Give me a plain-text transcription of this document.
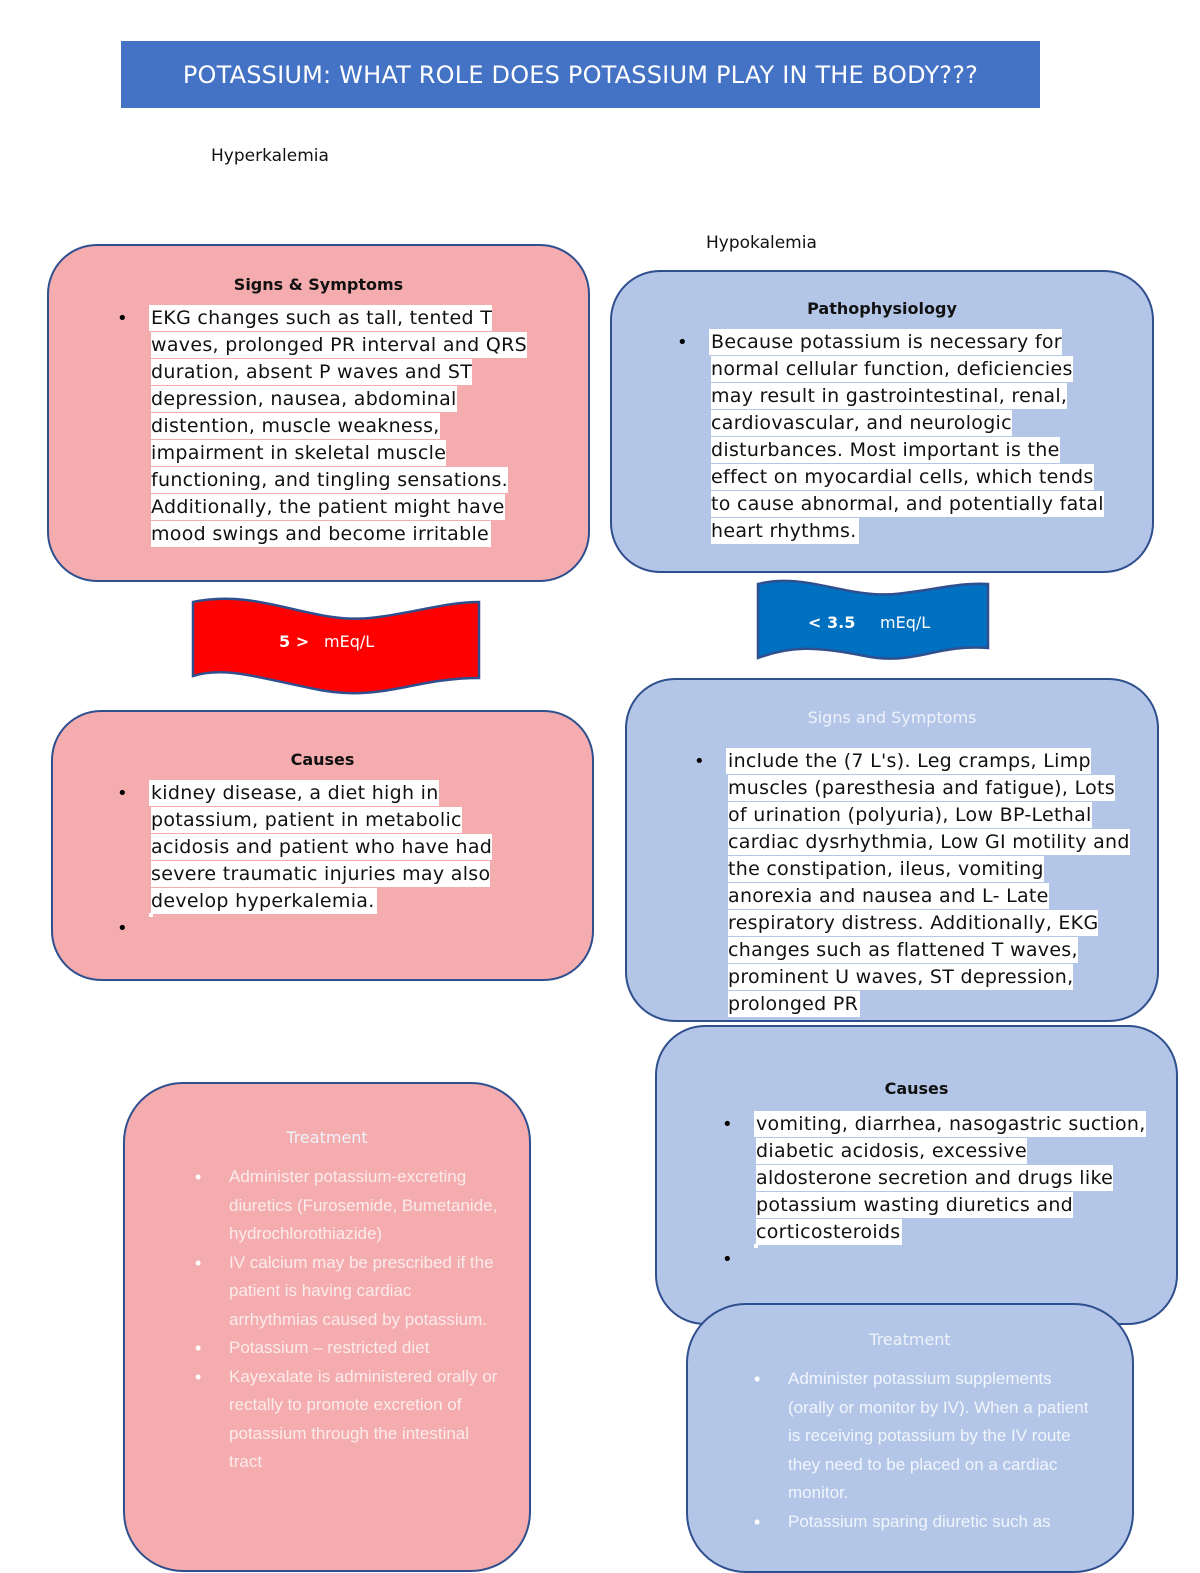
POTASSIUM: WHAT ROLE DOES POTASSIUM PLAY IN THE BODY???
Hyperkalemia
Hypokalemia
Signs & Symptoms
• EKG changes such as tall, tented T waves, prolonged PR interval and QRS duration, absent P waves and ST depression, nausea, abdominal distention, muscle weakness, impairment in skeletal muscle functioning, and tingling sensations. Additionally, the patient might have mood swings and become irritable
5 > mEq/L
Causes
• kidney disease, a diet high in potassium, patient in metabolic acidosis and patient who have had severe traumatic injuries may also develop hyperkalemia.
Treatment
• Administer potassium-excreting diuretics (Furosemide, Bumetanide, hydrochlorothiazide)
• IV calcium may be prescribed if the patient is having cardiac arrhythmias caused by potassium.
• Potassium – restricted diet
• Kayexalate is administered orally or rectally to promote excretion of potassium through the intestinal tract
Pathophysiology
• Because potassium is necessary for normal cellular function, deficiencies may result in gastrointestinal, renal, cardiovascular, and neurologic disturbances. Most important is the effect on myocardial cells, which tends to cause abnormal, and potentially fatal heart rhythms.
< 3.5 mEq/L
Signs and Symptoms
• include the (7 L's). Leg cramps, Limp muscles (paresthesia and fatigue), Lots of urination (polyuria), Low BP-Lethal cardiac dysrhythmia, Low GI motility and the constipation, ileus, vomiting anorexia and nausea and L- Late respiratory distress. Additionally, EKG changes such as flattened T waves, prominent U waves, ST depression, prolonged PR
Causes
• vomiting, diarrhea, nasogastric suction, diabetic acidosis, excessive aldosterone secretion and drugs like potassium wasting diuretics and corticosteroids
Treatment
• Administer potassium supplements (orally or monitor by IV). When a patient is receiving potassium by the IV route they need to be placed on a cardiac monitor.
• Potassium sparing diuretic such as
